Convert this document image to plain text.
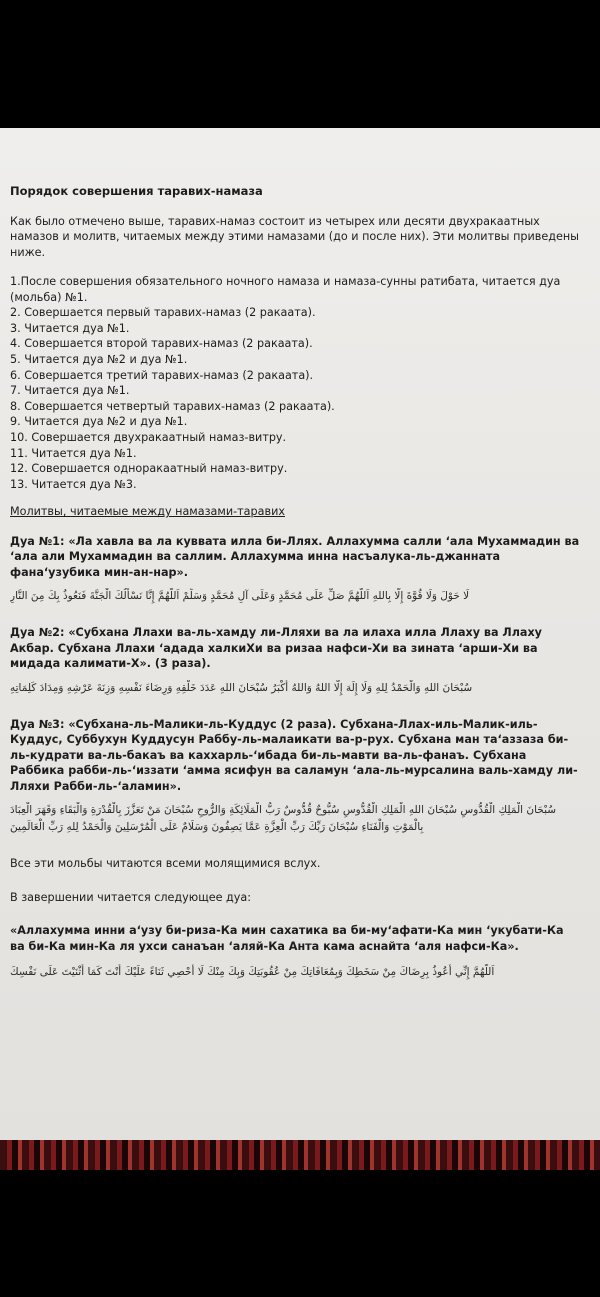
Порядок совершения таравих-намаза

Как было отмечено выше, таравих-намаз состоит из четырех или десяти двухракаатных намазов и молитв, читаемых между этими намазами (до и после них). Эти молитвы приведены ниже.

1.После совершения обязательного ночного намаза и намаза-сунны ратибата, читается дуа (мольба) №1.
2. Совершается первый таравих-намаз (2 ракаата).
3. Читается дуа №1.
4. Совершается второй таравих-намаз (2 ракаата).
5. Читается дуа №2 и дуа №1.
6. Совершается третий таравих-намаз (2 ракаата).
7. Читается дуа №1.
8. Совершается четвертый таравих-намаз (2 ракаата).
9. Читается дуа №2 и дуа №1.
10. Совершается двухракаатный намаз-витру.
11. Читается дуа №1.
12. Совершается одноракаатный намаз-витру.
13. Читается дуа №3.

Молитвы, читаемые между намазами-таравих

Дуа №1: «Ла хавла ва ла куввата илла би-Ллях. Аллахумма салли ‘ала Мухаммадин ва ‘ала али Мухаммадин ва саллим. Аллахумма инна насъалука-ль-джанната фана‘узубика мин-ан-нар».

لَا حَوْلَ وَلَا قُوَّةَ إِلَّا بِاللهِ اَللَّهُمَّ صَلِّ عَلَى مُحَمَّدٍ وَعَلَى آلِ مُحَمَّدٍ وَسَلِّمْ اَللَّهُمَّ إِنَّا نَسْأَلُكَ الْجَنَّةَ فَنَعُوذُ بِكَ مِنَ النَّارِ

Дуа №2: «Субхана Ллахи ва-ль-хамду ли-Лляхи ва ла илаха илла Ллаху ва Ллаху Акбар. Субхана Ллахи ‘адада халкиХи ва ризаа нафси-Хи ва зината ‘арши-Хи ва мидада калимати-Х». (3 раза).

سُبْحَانَ اللهِ وَالْحَمْدُ لِلهِ وَلَا إِلَهَ إِلَّا اللهُ وَاللهُ أَكْبَرُ سُبْحَانَ اللهِ عَدَدَ خَلْقِهِ وَرِضَاءَ نَفْسِهِ وَزِنَةَ عَرْشِهِ وَمِدَادَ كَلِمَاتِهِ

Дуа №3: «Субхана-ль-Малики-ль-Куддус (2 раза). Субхана-Ллах-иль-Малик-иль-Куддус, Суббухун Куддусун Раббу-ль-малаикати ва-р-рух. Субхана ман та‘аззаза би-ль-кудрати ва-ль-бакаъ ва каххарль-‘ибада би-ль-мавти ва-ль-фанаъ. Субхана Раббика рабби-ль-‘иззати ‘амма ясифун ва саламун ‘ала-ль-мурсалина валь-хамду ли-Лляхи Рабби-ль-‘аламин».

سُبْحَانَ الْمَلِكِ الْقُدُّوسِ سُبْحَانَ اللهِ الْمَلِكِ الْقُدُّوسِ سُبُّوحٌ قُدُّوسٌ رَبُّ الْمَلَائِكَةِ وَالرُّوحِ سُبْحَانَ مَنْ تَعَزَّزَ بِالْقُدْرَةِ وَالْبَقَاءِ وَقَهَرَ الْعِبَادَ بِالْمَوْتِ وَالْفَنَاءِ سُبْحَانَ رَبِّكَ رَبِّ الْعِزَّةِ عَمَّا يَصِفُونَ وَسَلَامٌ عَلَى الْمُرْسَلِينَ وَالْحَمْدُ لِلهِ رَبِّ الْعَالَمِينَ

Все эти мольбы читаются всеми молящимися вслух.

В завершении читается следующее дуа:

«Аллахумма инни а‘узу би-риза-Ка мин сахатика ва би-му‘афати-Ка мин ‘укубати-Ка ва би-Ка мин-Ка ля ухси санаъан ‘аляй-Ка Анта кама аснайта ‘аля нафси-Ка».

اَللَّهُمَّ إِنِّي أَعُوذُ بِرِضَاكَ مِنْ سَخَطِكَ وَبِمُعَافَاتِكَ مِنْ عُقُوبَتِكَ وَبِكَ مِنْكَ لَا أُحْصِي ثَنَاءً عَلَيْكَ أَنْتَ كَمَا أَثْنَيْتَ عَلَى نَفْسِكَ
